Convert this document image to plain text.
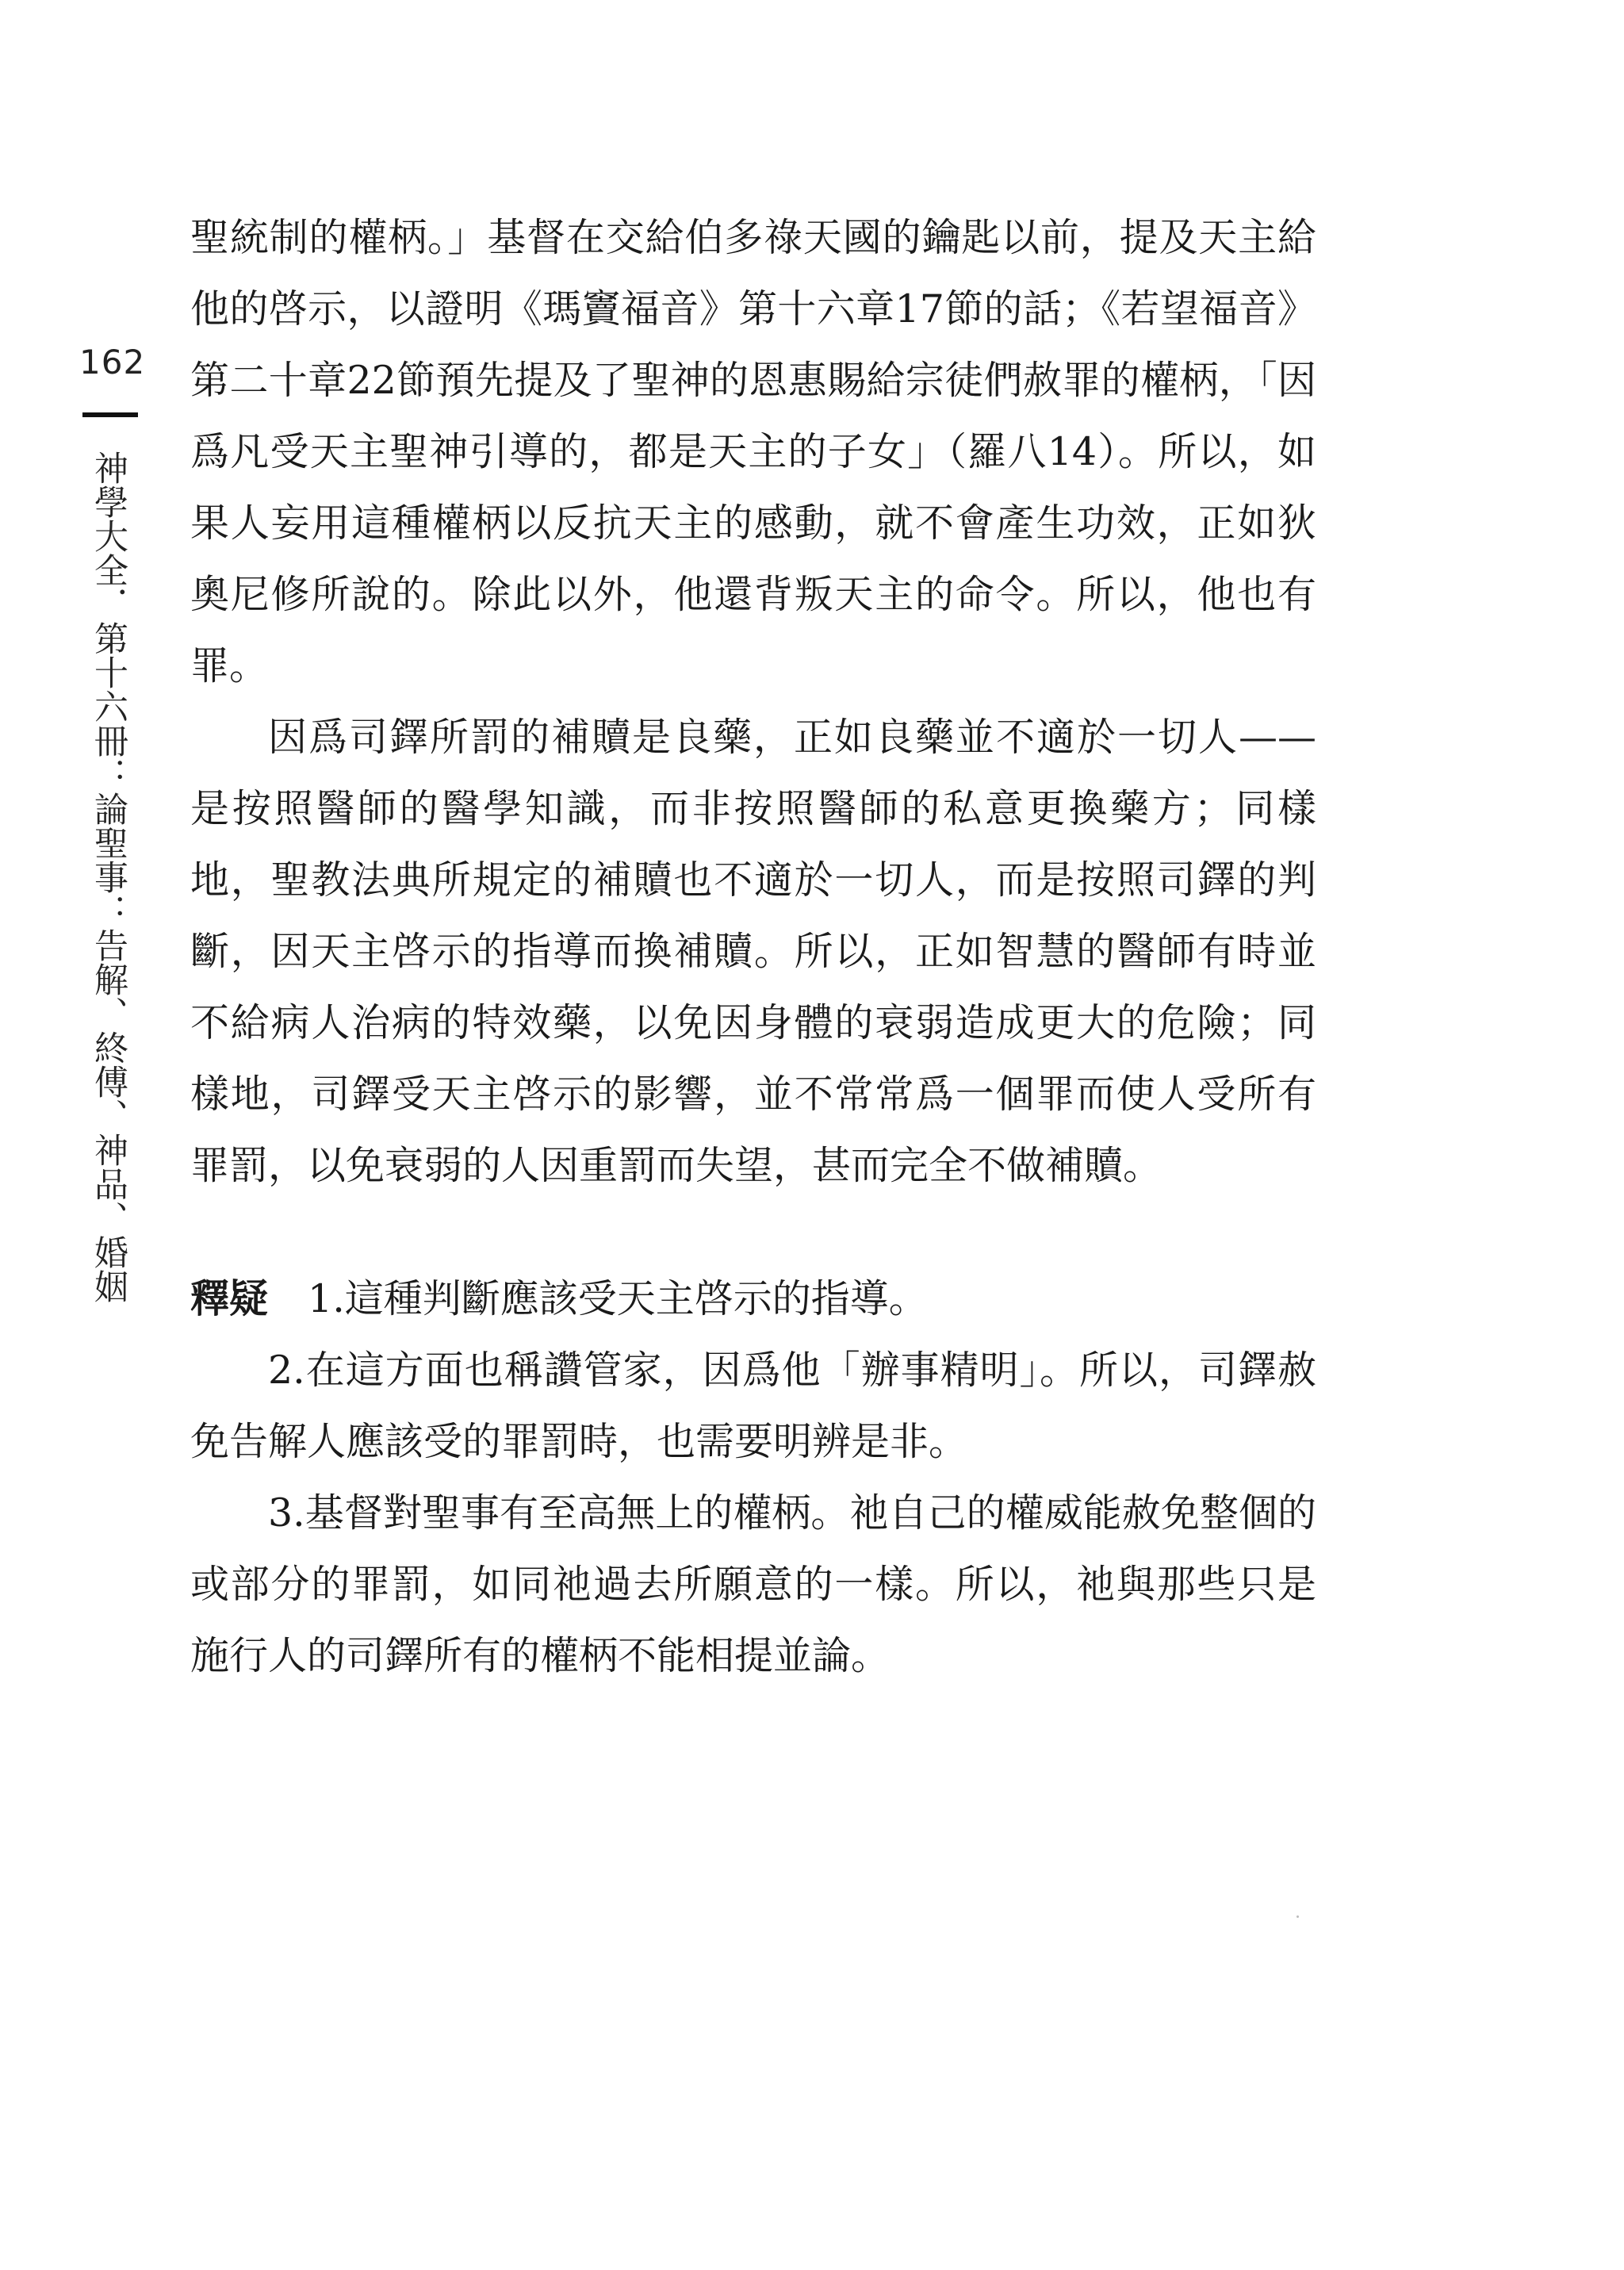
162
神學大全．第十六冊：論聖事：告解、終傅、神品、婚姻

聖統制的權柄。」基督在交給伯多祿天國的鑰匙以前，提及天主給他的啓示，以證明《瑪竇福音》第十六章17節的話；《若望福音》第二十章22節預先提及了聖神的恩惠賜給宗徒們赦罪的權柄，「因爲凡受天主聖神引導的，都是天主的子女」（羅八14）。所以，如果人妄用這種權柄以反抗天主的感動，就不會產生功效，正如狄奧尼修所說的。除此以外，他還背叛天主的命令。所以，他也有罪。

因爲司鐸所罰的補贖是良藥，正如良藥並不適於一切人——是按照醫師的醫學知識，而非按照醫師的私意更換藥方；同樣地，聖教法典所規定的補贖也不適於一切人，而是按照司鐸的判斷，因天主啓示的指導而換補贖。所以，正如智慧的醫師有時並不給病人治病的特效藥，以免因身體的衰弱造成更大的危險；同樣地，司鐸受天主啓示的影響，並不常常爲一個罪而使人受所有罪罰，以免衰弱的人因重罰而失望，甚而完全不做補贖。

釋疑 1.這種判斷應該受天主啓示的指導。

2.在這方面也稱讚管家，因爲他「辦事精明」。所以，司鐸赦免告解人應該受的罪罰時，也需要明辨是非。

3.基督對聖事有至高無上的權柄。祂自己的權威能赦免整個的或部分的罪罰，如同祂過去所願意的一樣。所以，祂與那些只是施行人的司鐸所有的權柄不能相提並論。
